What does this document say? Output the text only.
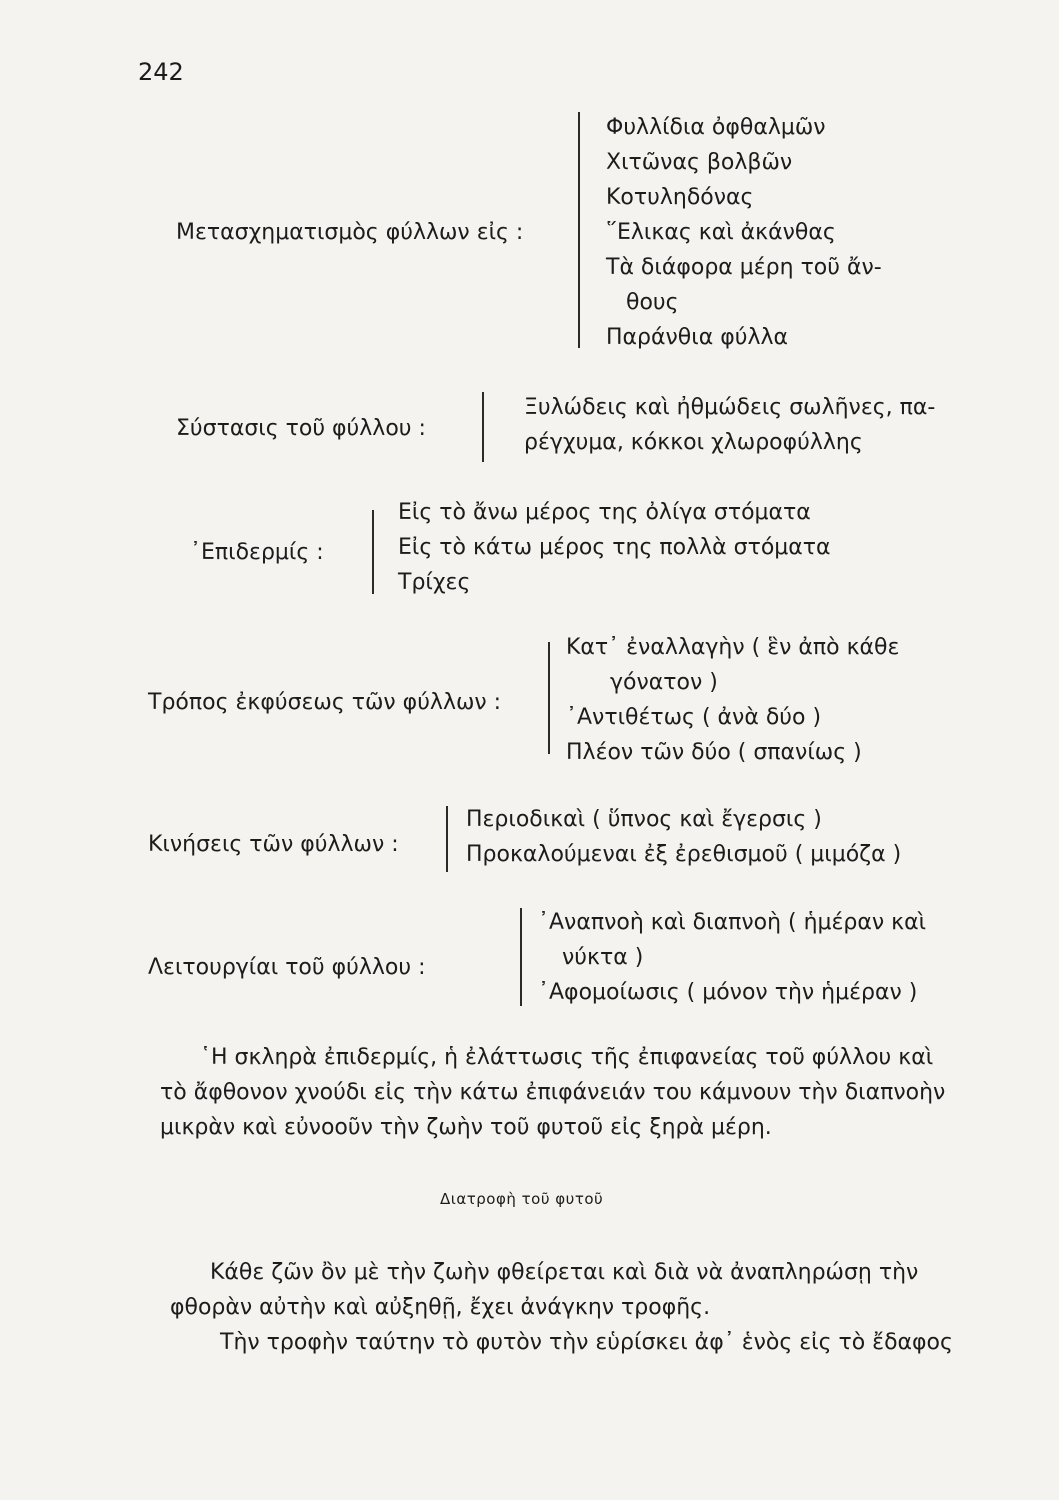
242
Μετασχηματισμὸς φύλλων εἰς :
Φυλλίδια ὀφθαλμῶν
Χιτῶνας βολβῶν
Κοτυληδόνας
῞Ελικας καὶ ἀκάνθας
Τὰ διάφορα μέρη τοῦ ἄν-
θους
Παράνθια φύλλα
Σύστασις τοῦ φύλλου :
Ξυλώδεις καὶ ἠθμώδεις σωλῆνες, πα-
ρέγχυμα, κόκκοι χλωροφύλλης
᾿Επιδερμίς :
Εἰς τὸ ἄνω μέρος της ὀλίγα στόματα
Εἰς τὸ κάτω μέρος της πολλὰ στόματα
Τρίχες
Τρόπος ἐκφύσεως τῶν φύλλων :
Κατ᾿ ἐναλλαγὴν ( ἓν ἀπὸ κάθε
γόνατον )
᾿Αντιθέτως ( ἀνὰ δύο )
Πλέον τῶν δύο ( σπανίως )
Κινήσεις τῶν φύλλων :
Περιοδικαὶ ( ὕπνος καὶ ἔγερσις )
Προκαλούμεναι ἐξ ἐρεθισμοῦ ( μιμόζα )
Λειτουργίαι τοῦ φύλλου :
᾿Αναπνοὴ καὶ διαπνοὴ ( ἡμέραν καὶ
νύκτα )
᾿Αφομοίωσις ( μόνον τὴν ἡμέραν )
῾Η σκληρὰ ἐπιδερμίς, ἡ ἐλάττωσις τῆς ἐπιφανείας τοῦ φύλλου καὶ
τὸ ἄφθονον χνούδι εἰς τὴν κάτω ἐπιφάνειάν του κάμνουν τὴν διαπνοὴν
μικρὰν καὶ εὐνοοῦν τὴν ζωὴν τοῦ φυτοῦ εἰς ξηρὰ μέρη.
Διατροφὴ τοῦ φυτοῦ
Κάθε ζῶν ὂν μὲ τὴν ζωὴν φθείρεται καὶ διὰ νὰ ἀναπληρώσῃ τὴν
φθορὰν αὐτὴν καὶ αὐξηθῇ, ἔχει ἀνάγκην τροφῆς.
Τὴν τροφὴν ταύτην τὸ φυτὸν τὴν εὑρίσκει ἀφ᾿ ἑνὸς εἰς τὸ ἔδαφος
